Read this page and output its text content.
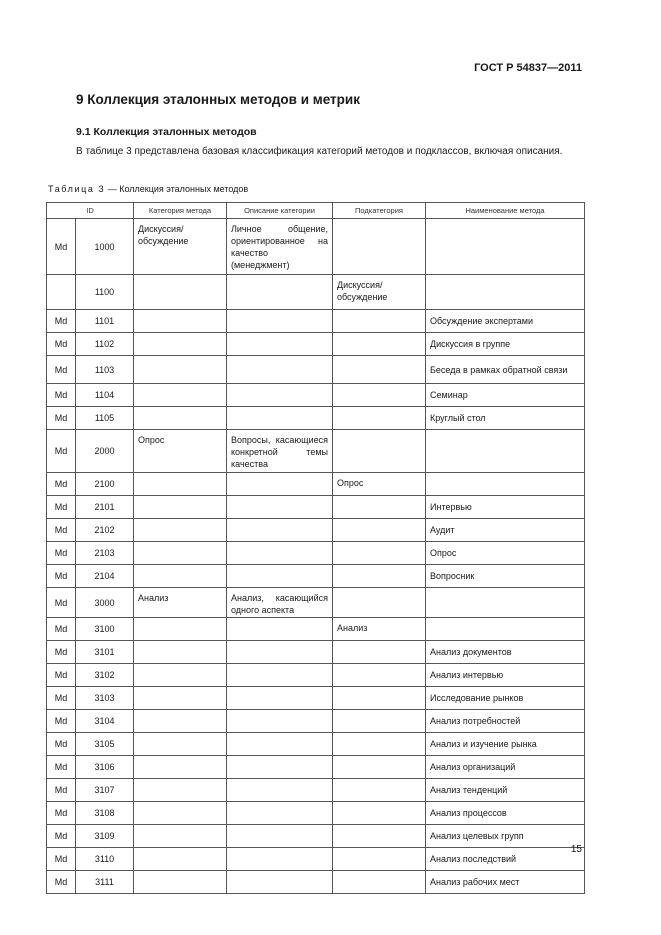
ГОСТ Р 54837—2011
9 Коллекция эталонных методов и метрик
9.1 Коллекция эталонных методов
В таблице 3 представлена базовая классификация категорий методов и подклассов, включая описания.
Таблица 3 — Коллекция эталонных методов
ID		Категория метода	Описание категории	Подкатегория	Наименование метода
Md	1000	Дискуссия/ обсуждение	Личное общение, ориентированное на качество (менеджмент)		
	1100			Дискуссия/ обсуждение	
Md	1101				Обсуждение экспертами
Md	1102				Дискуссия в группе
Md	1103				Беседа в рамках обратной связи
Md	1104				Семинар
Md	1105				Круглый стол
Md	2000	Опрос	Вопросы, касающиеся конкретной темы качества		
Md	2100			Опрос	
Md	2101				Интервью
Md	2102				Аудит
Md	2103				Опрос
Md	2104				Вопросник
Md	3000	Анализ	Анализ, касающийся одного аспекта		
Md	3100			Анализ	
Md	3101				Анализ документов
Md	3102				Анализ интервью
Md	3103				Исследование рынков
Md	3104				Анализ потребностей
Md	3105				Анализ и изучение рынка
Md	3106				Анализ организаций
Md	3107				Анализ тенденций
Md	3108				Анализ процессов
Md	3109				Анализ целевых групп
Md	3110				Анализ последствий
Md	3111				Анализ рабочих мест
15
